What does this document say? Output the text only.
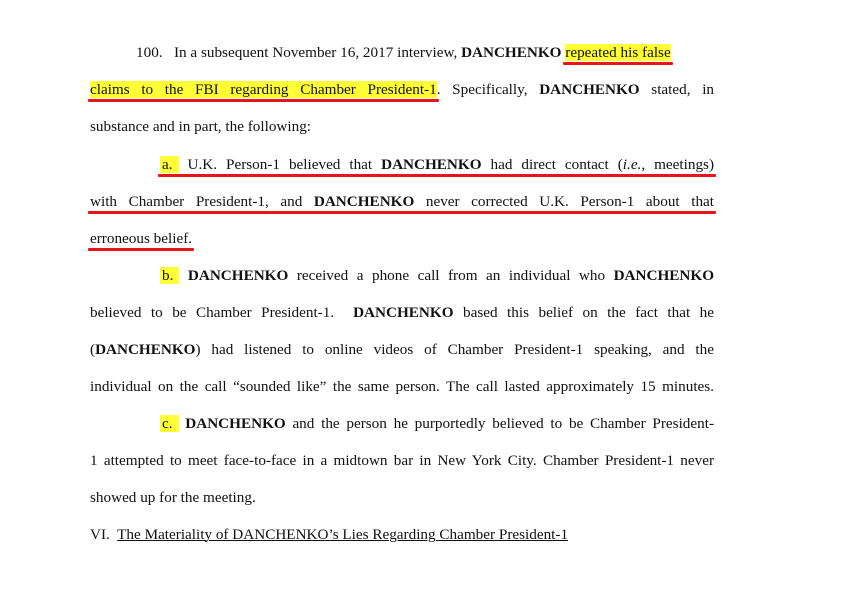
100. In a subsequent November 16, 2017 interview, DANCHENKO repeated his false
claims to the FBI regarding Chamber President-1. Specifically, DANCHENKO stated, in
substance and in part, the following:
a. U.K. Person-1 believed that DANCHENKO had direct contact (i.e., meetings)
with Chamber President-1, and DANCHENKO never corrected U.K. Person-1 about that
erroneous belief.
b. DANCHENKO received a phone call from an individual who DANCHENKO
believed to be Chamber President-1. DANCHENKO based this belief on the fact that he
(DANCHENKO) had listened to online videos of Chamber President-1 speaking, and the
individual on the call “sounded like” the same person. The call lasted approximately 15 minutes.
c. DANCHENKO and the person he purportedly believed to be Chamber President-
1 attempted to meet face-to-face in a midtown bar in New York City. Chamber President-1 never
showed up for the meeting.
VI. The Materiality of DANCHENKO’s Lies Regarding Chamber President-1
